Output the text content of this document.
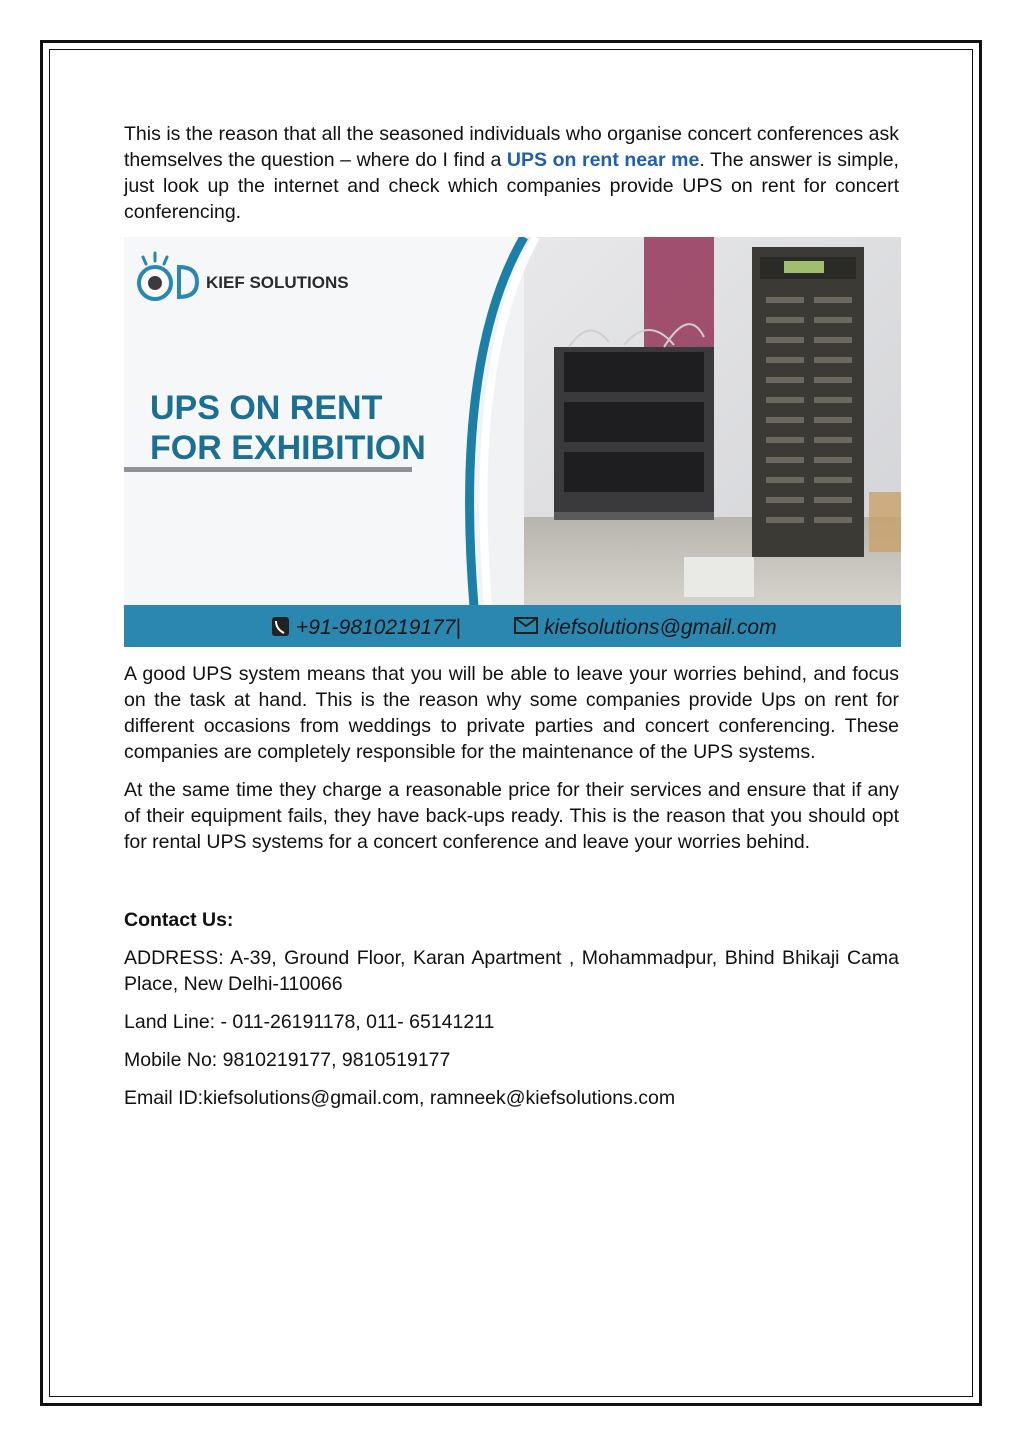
This is the reason that all the seasoned individuals who organise concert conferences ask themselves the question – where do I find a UPS on rent near me. The answer is simple, just look up the internet and check which companies provide UPS on rent for concert conferencing.

KIEF SOLUTIONS
UPS ON RENT
FOR EXHIBITION
+91-9810219177|	kiefsolutions@gmail.com

A good UPS system means that you will be able to leave your worries behind, and focus on the task at hand. This is the reason why some companies provide Ups on rent for different occasions from weddings to private parties and concert conferencing. These companies are completely responsible for the maintenance of the UPS systems.

At the same time they charge a reasonable price for their services and ensure that if any of their equipment fails, they have back-ups ready. This is the reason that you should opt for rental UPS systems for a concert conference and leave your worries behind.

Contact Us:

ADDRESS: A-39, Ground Floor, Karan Apartment , Mohammadpur, Bhind Bhikaji Cama Place, New Delhi-110066

Land Line: - 011-26191178, 011- 65141211

Mobile No: 9810219177, 9810519177

Email ID:kiefsolutions@gmail.com, ramneek@kiefsolutions.com
